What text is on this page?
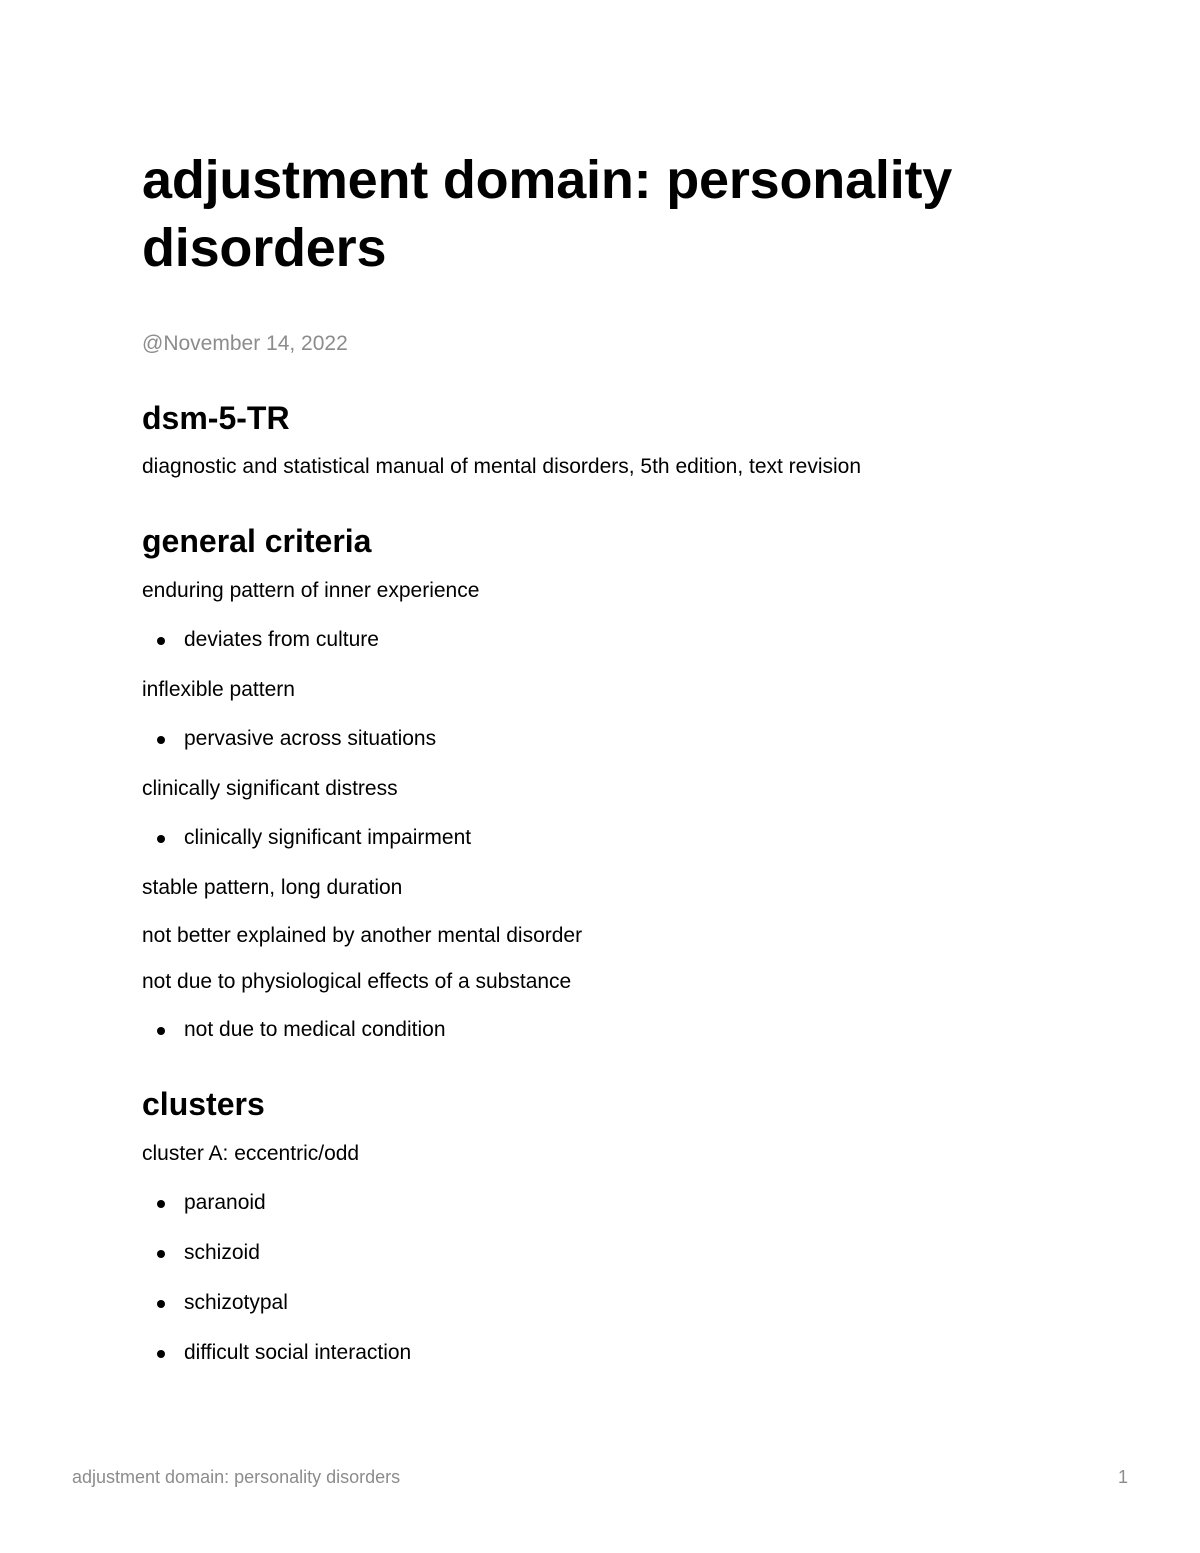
adjustment domain: personality disorders

@November 14, 2022

dsm-5-TR

diagnostic and statistical manual of mental disorders, 5th edition, text revision

general criteria

enduring pattern of inner experience

deviates from culture

inflexible pattern

pervasive across situations

clinically significant distress

clinically significant impairment

stable pattern, long duration

not better explained by another mental disorder

not due to physiological effects of a substance

not due to medical condition
clusters

cluster A: eccentric/odd

paranoid
schizoid
schizotypal
difficult social interaction
adjustment domain: personality disorders	1
